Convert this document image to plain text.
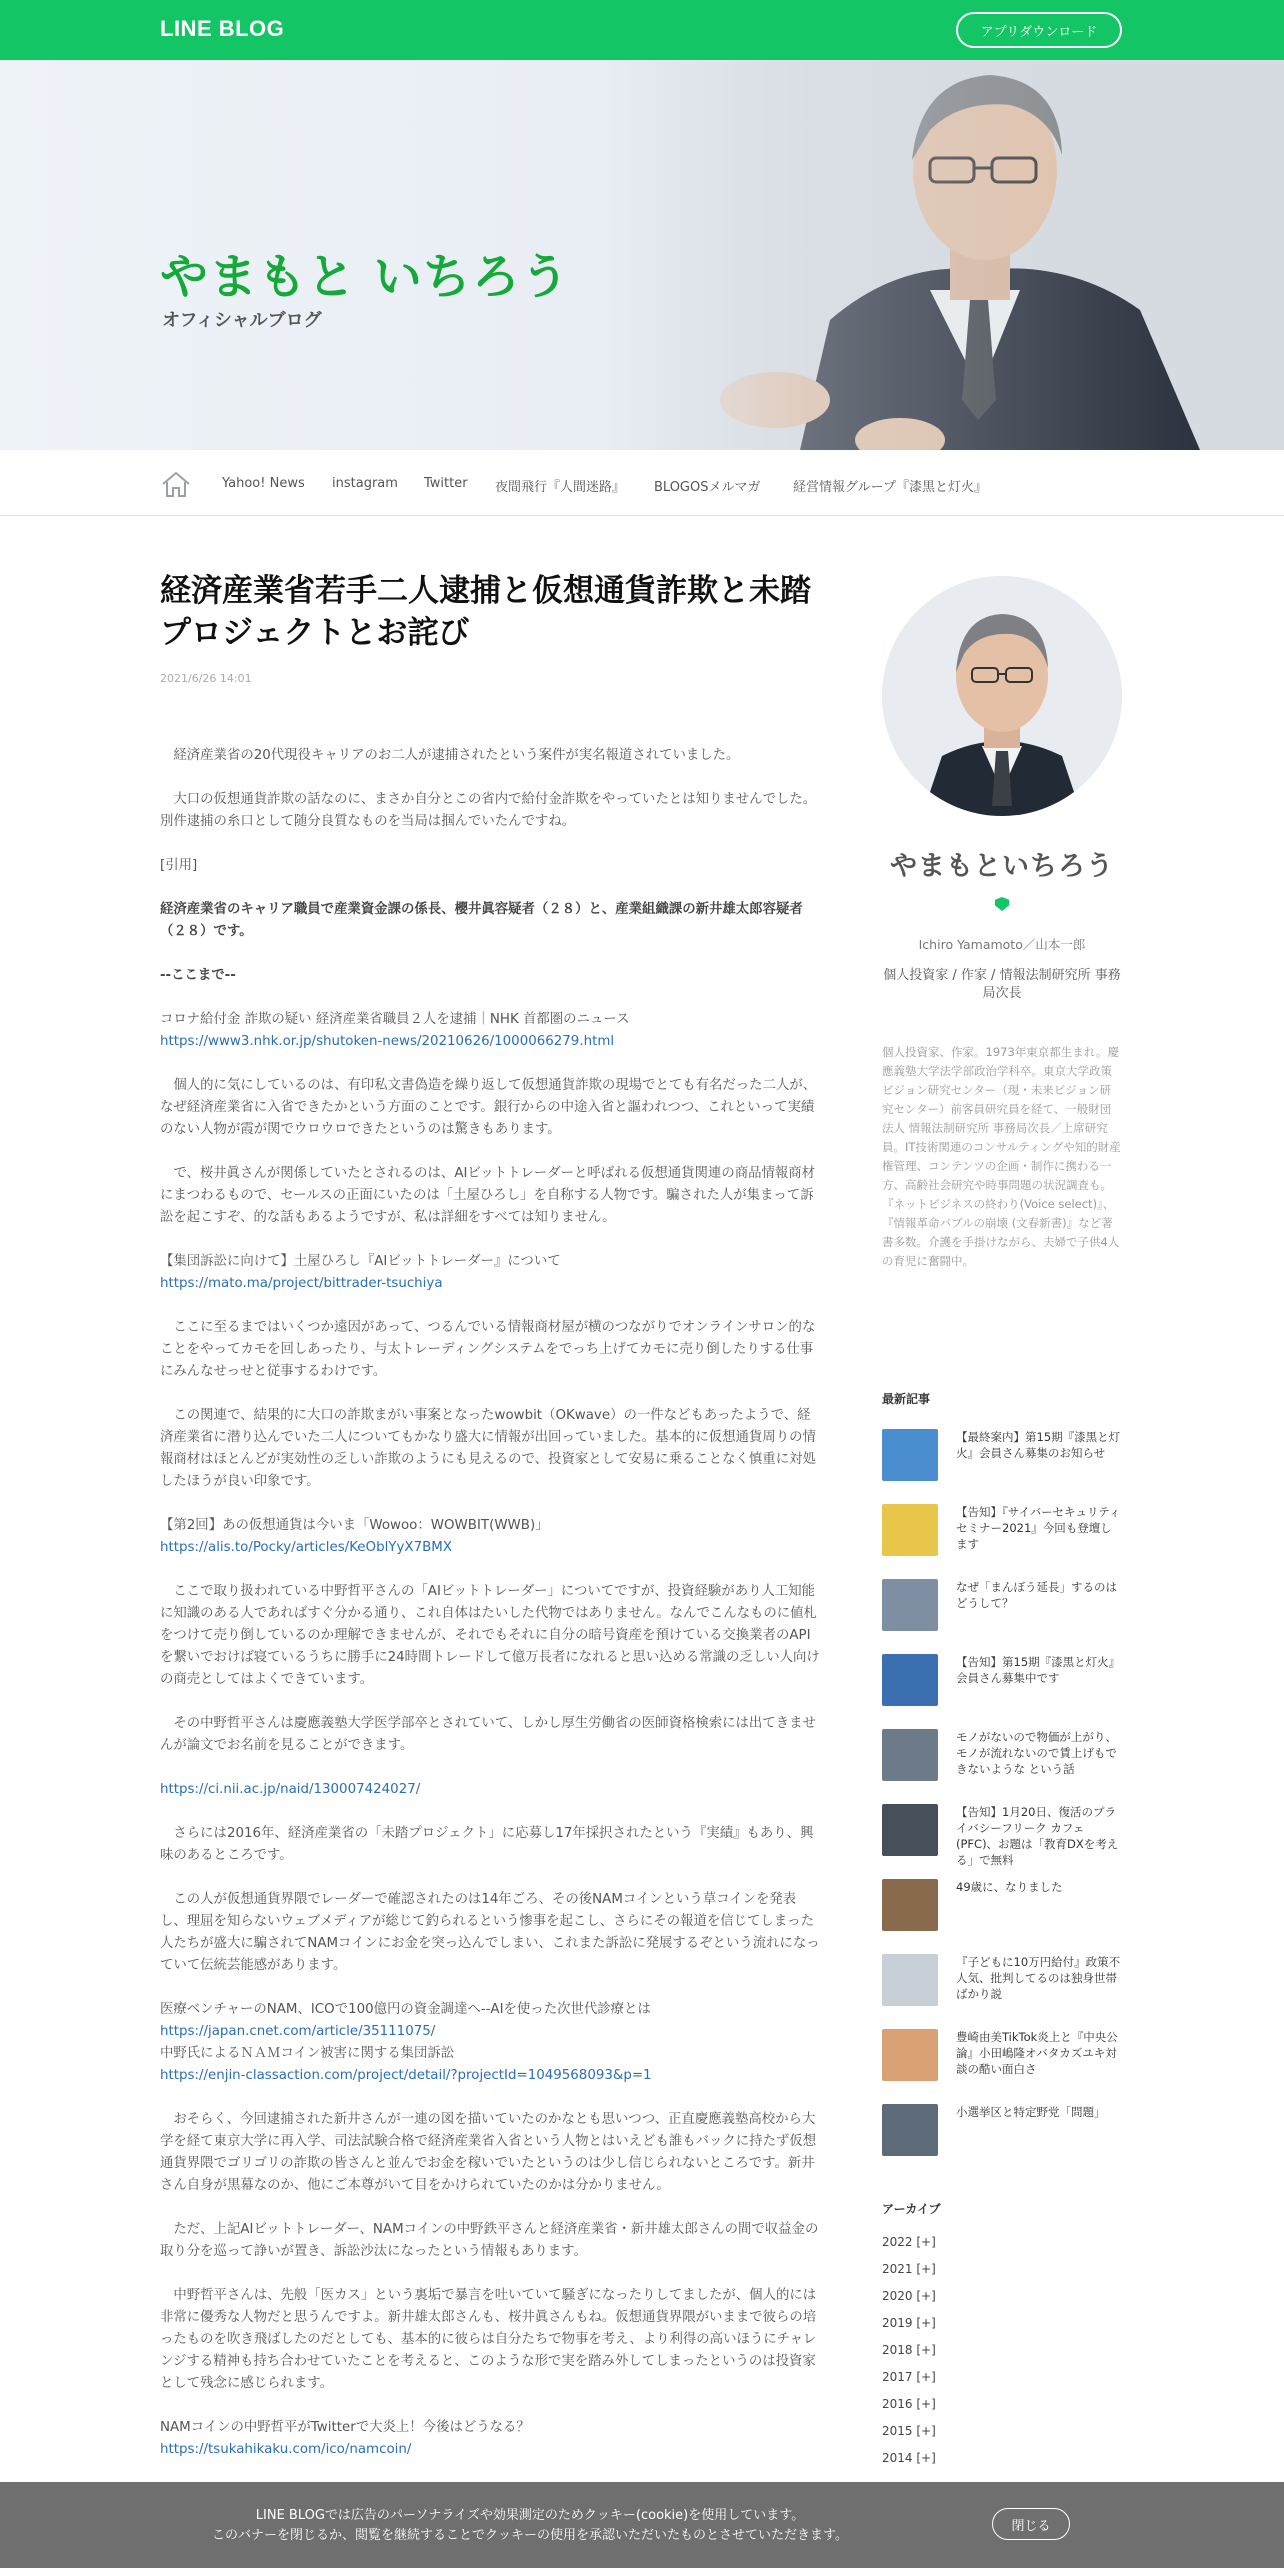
LINE BLOG	アプリダウンロード
やまもと いちろう
オフィシャルブログ
Yahoo! News instagram Twitter 夜間飛行『人間迷路』 BLOGOSメルマガ	経営情報グループ『漆黒と灯火』
経済産業省若手二人逮捕と仮想通貨詐欺と未踏プロジェクトとお詫び
2021/6/26 14:01

　経済産業省の20代現役キャリアのお二人が逮捕されたという案件が実名報道されていました。

　大口の仮想通貨詐欺の話なのに、まさか自分とこの省内で給付金詐欺をやっていたとは知りませんでした。別件逮捕の糸口として随分良質なものを当局は掴んでいたんですね。

[引用]

経済産業省のキャリア職員で産業資金課の係長、櫻井眞容疑者（２８）と、産業組織課の新井雄太郎容疑者（２８）です。

--ここまで--

コロナ給付金 詐欺の疑い 経済産業省職員２人を逮捕｜NHK 首都圏のニュース

https://www3.nhk.or.jp/shutoken-news/20210626/1000066279.html

　個人的に気にしているのは、有印私文書偽造を繰り返して仮想通貨詐欺の現場でとても有名だった二人が、なぜ経済産業省に入省できたかという方面のことです。銀行からの中途入省と謳われつつ、これといって実績のない人物が霞が関でウロウロできたというのは驚きもあります。

　で、桜井眞さんが関係していたとされるのは、AIビットトレーダーと呼ばれる仮想通貨関連の商品情報商材にまつわるもので、セールスの正面にいたのは「土屋ひろし」を自称する人物です。騙された人が集まって訴訟を起こすぞ、的な話もあるようですが、私は詳細をすべては知りません。

【集団訴訟に向けて】土屋ひろし『AIビットトレーダー』について

https://mato.ma/project/bittrader-tsuchiya

　ここに至るまではいくつか遠因があって、つるんでいる情報商材屋が横のつながりでオンラインサロン的なことをやってカモを回しあったり、与太トレーディングシステムをでっち上げてカモに売り倒したりする仕事にみんなせっせと従事するわけです。

　この関連で、結果的に大口の詐欺まがい事案となったwowbit（OKwave）の一件などもあったようで、経済産業省に潜り込んでいた二人についてもかなり盛大に情報が出回っていました。基本的に仮想通貨周りの情報商材はほとんどが実効性の乏しい詐欺のようにも見えるので、投資家として安易に乗ることなく慎重に対処したほうが良い印象です。

【第2回】あの仮想通貨は今いま「Wowoo：WOWBIT(WWB)」

https://alis.to/Pocky/articles/KeOblYyX7BMX

　ここで取り扱われている中野哲平さんの「AIビットトレーダー」についてですが、投資経験があり人工知能に知識のある人であればすぐ分かる通り、これ自体はたいした代物ではありません。なんでこんなものに値札をつけて売り倒しているのか理解できませんが、それでもそれに自分の暗号資産を預けている交換業者のAPIを繋いでおけば寝ているうちに勝手に24時間トレードして億万長者になれると思い込める常識の乏しい人向けの商売としてはよくできています。

　その中野哲平さんは慶應義塾大学医学部卒とされていて、しかし厚生労働省の医師資格検索には出てきませんが論文でお名前を見ることができます。

https://ci.nii.ac.jp/naid/130007424027/

　さらには2016年、経済産業省の「未踏プロジェクト」に応募し17年採択されたという『実績』もあり、興味のあるところです。

　この人が仮想通貨界隈でレーダーで確認されたのは14年ごろ、その後NAMコインという草コインを発表し、理屈を知らないウェブメディアが総じて釣られるという惨事を起こし、さらにその報道を信じてしまった人たちが盛大に騙されてNAMコインにお金を突っ込んでしまい、これまた訴訟に発展するぞという流れになっていて伝統芸能感があります。

医療ベンチャーのNAM、ICOで100億円の資金調達へ--AIを使った次世代診療とは

https://japan.cnet.com/article/35111075/

中野氏によるＮＡＭコイン被害に関する集団訴訟

https://enjin-classaction.com/project/detail/?projectId=1049568093&p=1

　おそらく、今回逮捕された新井さんが一連の図を描いていたのかなとも思いつつ、正直慶應義塾高校から大学を経て東京大学に再入学、司法試験合格で経済産業省入省という人物とはいえども誰もバックに持たず仮想通貨界隈でゴリゴリの詐欺の皆さんと並んでお金を稼いでいたというのは少し信じられないところです。新井さん自身が黒幕なのか、他にご本尊がいて目をかけられていたのかは分かりません。

　ただ、上記AIビットトレーダー、NAMコインの中野鉄平さんと経済産業省・新井雄太郎さんの間で収益金の取り分を巡って諍いが置き、訴訟沙汰になったという情報もあります。

　中野哲平さんは、先般「医カス」という裏垢で暴言を吐いていて騒ぎになったりしてましたが、個人的には非常に優秀な人物だと思うんですよ。新井雄太郎さんも、桜井眞さんもね。仮想通貨界隈がいままで彼らの培ったものを吹き飛ばしたのだとしても、基本的に彼らは自分たちで物事を考え、より利得の高いほうにチャレンジする精神も持ち合わせていたことを考えると、このような形で実を踏み外してしまったというのは投資家として残念に感じられます。

NAMコインの中野哲平がTwitterで大炎上！今後はどうなる？

https://tsukahikaku.com/ico/namcoin/

やまもといちろう
Ichiro Yamamoto／山本一郎
個人投資家 / 作家 / 情報法制研究所 事務局次長
個人投資家、作家。1973年東京都生まれ。慶應義塾大学法学部政治学科卒。東京大学政策ビジョン研究センター（現・未来ビジョン研究センター）前客員研究員を経て、一般財団法人 情報法制研究所 事務局次長／上席研究員。IT技術関連のコンサルティングや知的財産権管理、コンテンツの企画・制作に携わる一方、高齢社会研究や時事問題の状況調査も。『ネットビジネスの終わり(Voice select)』、『情報革命バブルの崩壊 (文春新書)』など著書多数。介護を手掛けながら、夫婦で子供4人の育児に奮闘中。
最新記事
【最終案内】第15期『漆黒と灯火』会員さん募集のお知らせ
【告知】『サイバーセキュリティセミナー2021』今回も登壇します
なぜ「まんぼう延長」するのはどうして？
【告知】第15期『漆黒と灯火』会員さん募集中です
モノがないので物価が上がり、モノが流れないので賃上げもできないような という話
【告知】1月20日、復活のプライバシーフリーク カフェ(PFC)、お題は「教育DXを考える」で無料
49歳に、なりました
『子どもに10万円給付』政策不人気、批判してるのは独身世帯ばかり説
豊崎由美TikTok炎上と『中央公論』小田嶋隆オバタカズユキ対談の酷い面白さ
小選挙区と特定野党「問題」
アーカイブ
2022 [+]
2021 [+]
2020 [+]
2019 [+]
2018 [+]
2017 [+]
2016 [+]
2015 [+]
2014 [+]
LINE BLOGでは広告のパーソナライズや効果測定のためクッキー(cookie)を使用しています。
このバナーを閉じるか、閲覧を継続することでクッキーの使用を承認いただいたものとさせていただきます。
閉じる
